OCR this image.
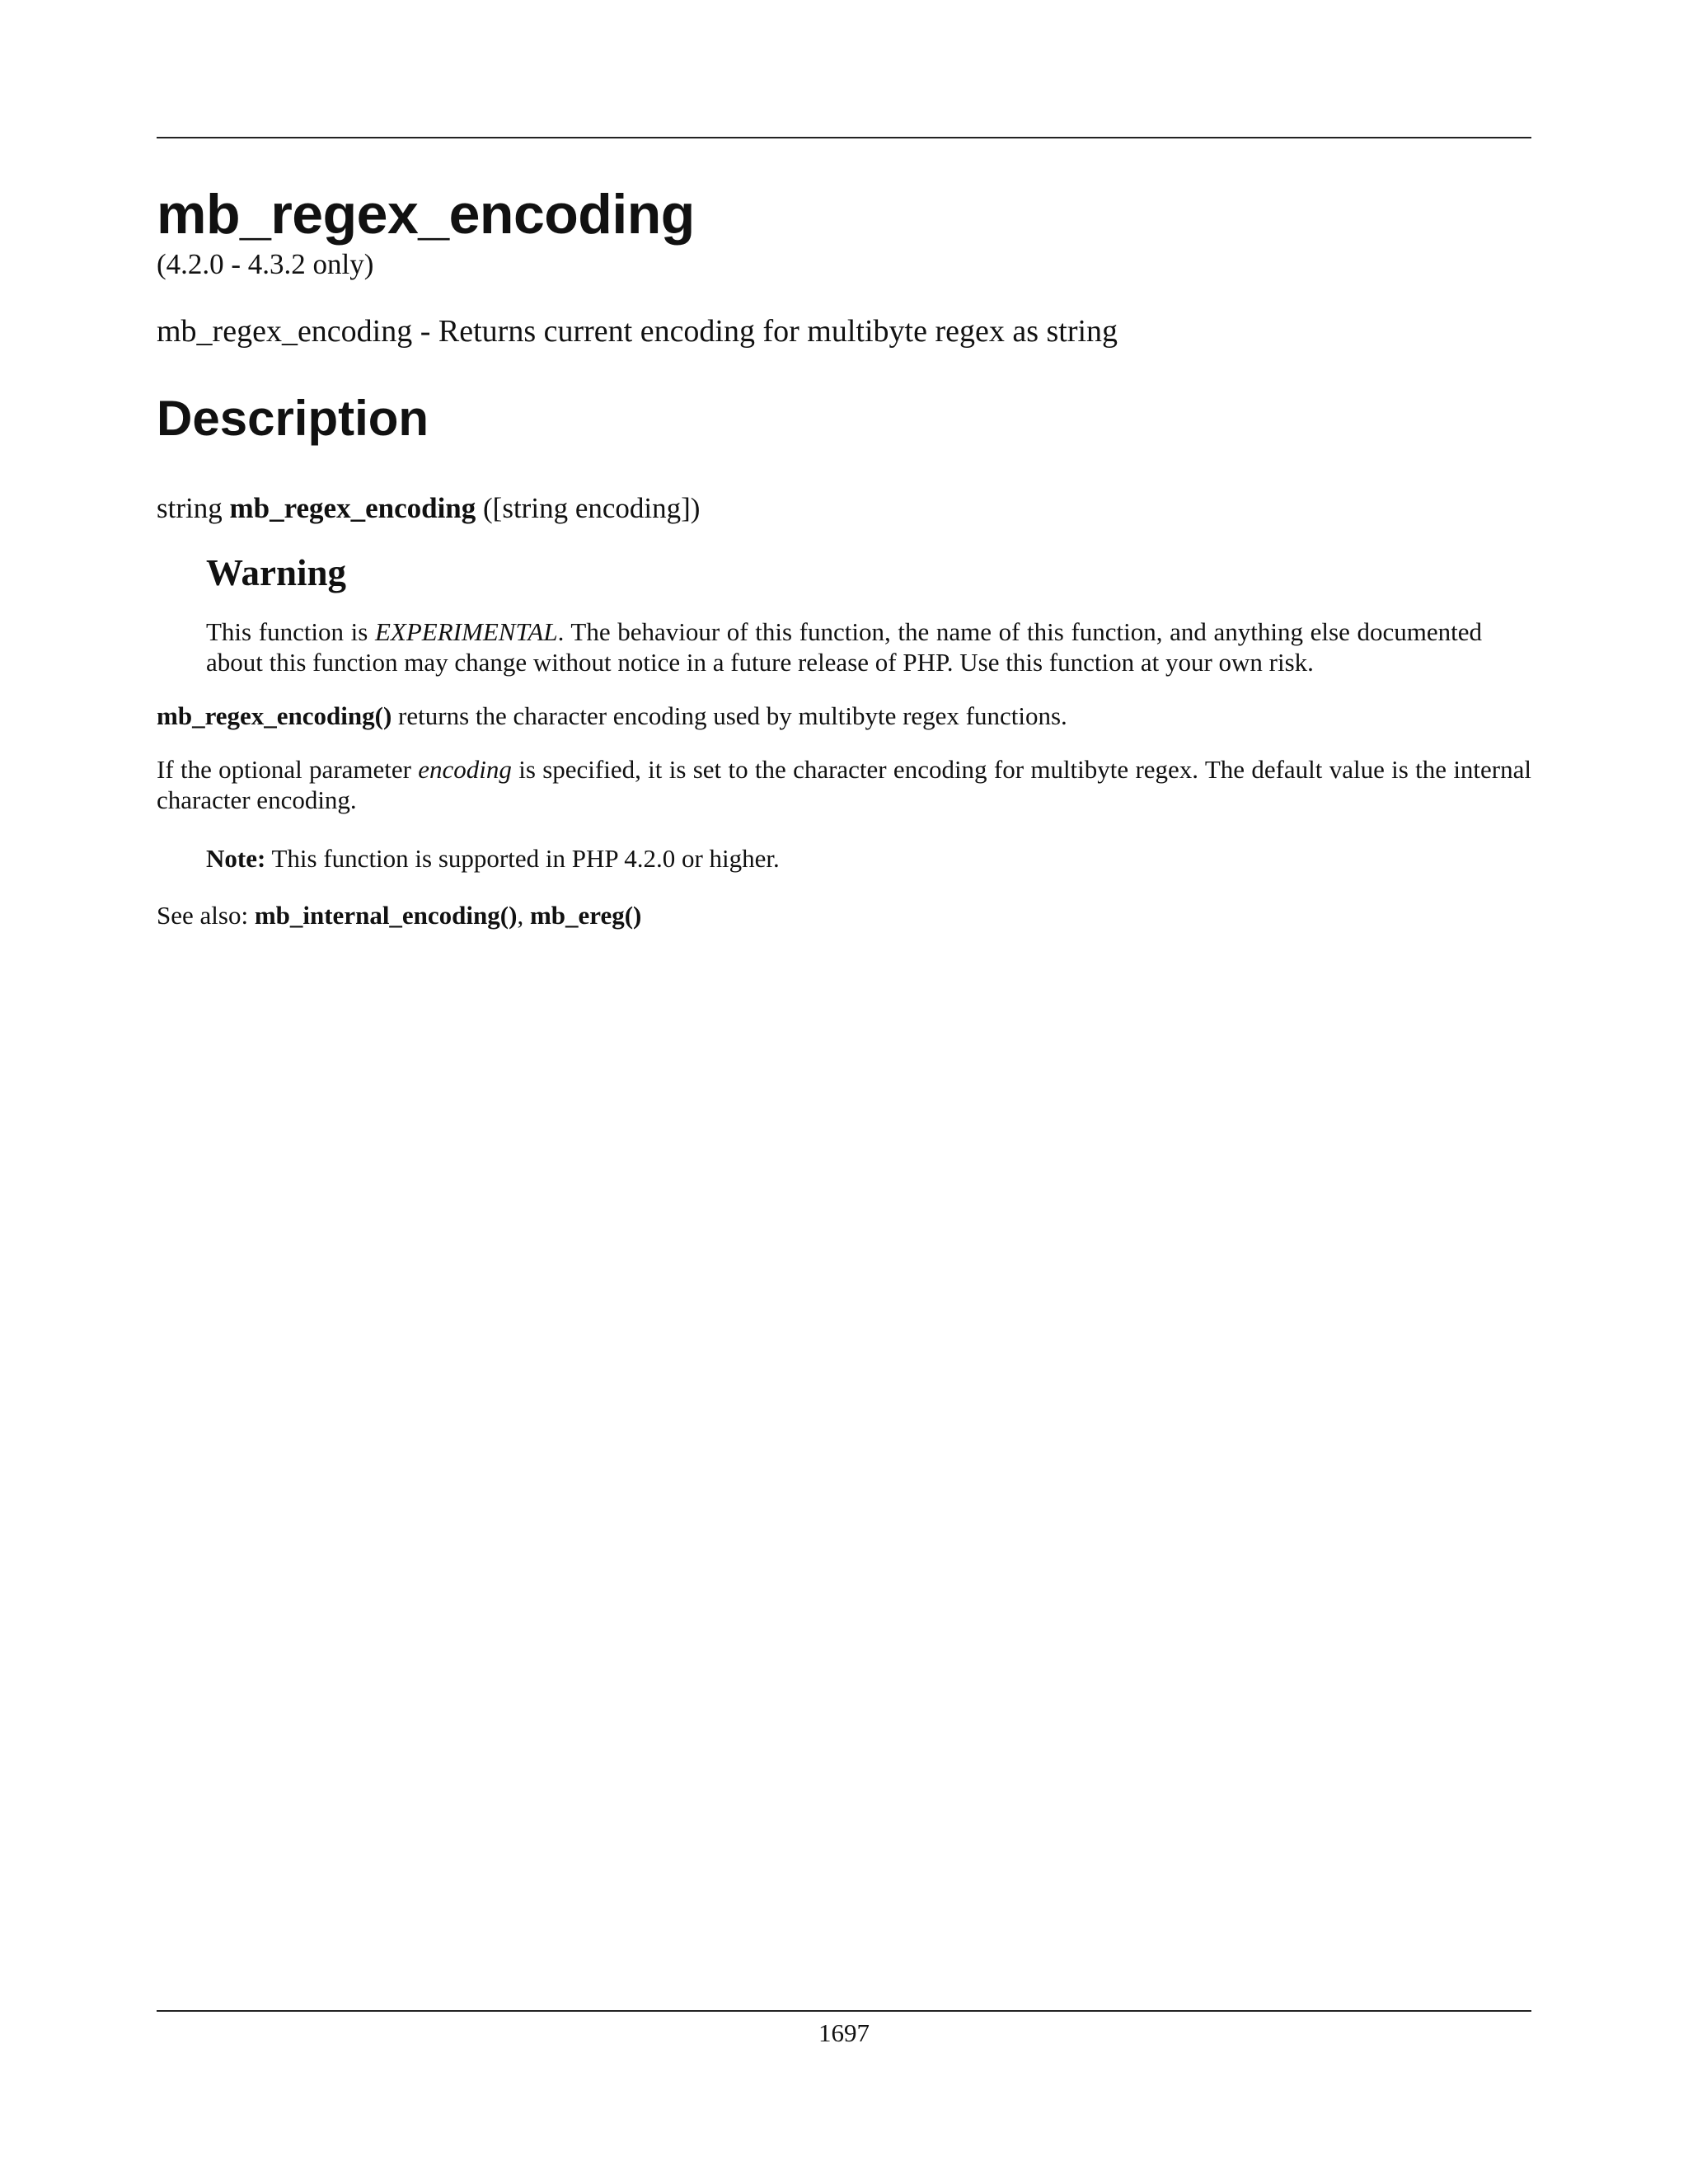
mb_regex_encoding

(4.2.0 - 4.3.2 only)

mb_regex_encoding - Returns current encoding for multibyte regex as string

Description

string mb_regex_encoding ([string encoding])

Warning

This function is EXPERIMENTAL. The behaviour of this function, the name of this function, and anything else documented about this function may change without notice in a future release of PHP. Use this function at your own risk.

mb_regex_encoding() returns the character encoding used by multibyte regex functions.

If the optional parameter encoding is specified, it is set to the character encoding for multibyte regex. The default value is the internal character encoding.

Note: This function is supported in PHP 4.2.0 or higher.

See also: mb_internal_encoding(), mb_ereg()

1697
